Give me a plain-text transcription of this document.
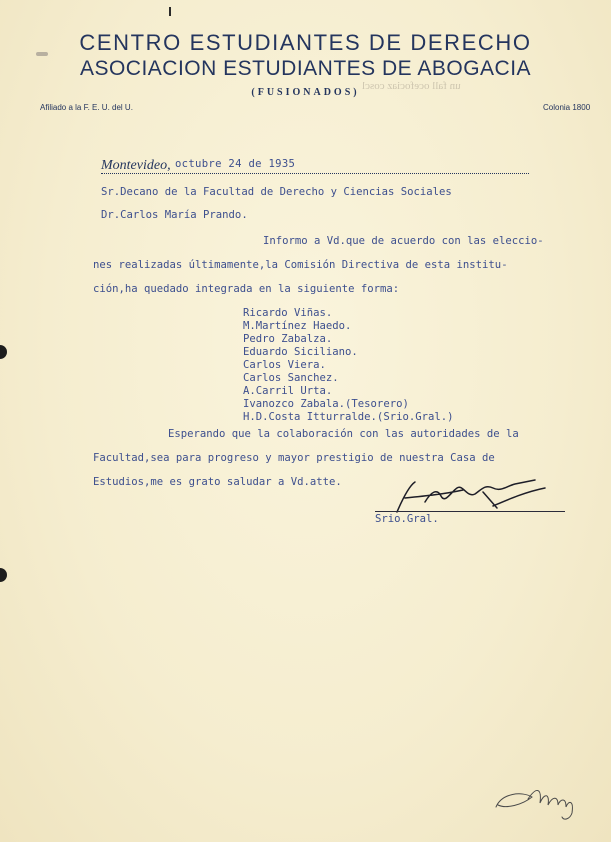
CENTRO ESTUDIANTES DE DERECHO
ASOCIACION ESTUDIANTES DE ABOGACIA
un fall ocefociaz coscl
(FUSIONADOS)
Afiliado a la F. E. U. del U.	Colonia 1800
Montevideo, octubre 24 de 1935
Sr.Decano de la Facultad de Derecho y Ciencias Sociales
Dr.Carlos María Prando.
Informo a Vd.que de acuerdo con las eleccio-
nes realizadas últimamente,la Comisión Directiva de esta institu-
ción,ha quedado integrada en la siguiente forma:
Ricardo Viñas.
M.Martínez Haedo.
Pedro Zabalza.
Eduardo Siciliano.
Carlos Viera.
Carlos Sanchez.
A.Carril Urta.
Ivanozco Zabala.(Tesorero)
H.D.Costa Itturralde.(Srio.Gral.)
Esperando que la colaboración con las autoridades de la
Facultad,sea para progreso y mayor prestigio de nuestra Casa de
Estudios,me es grato saludar a Vd.atte.
Srio.Gral.
